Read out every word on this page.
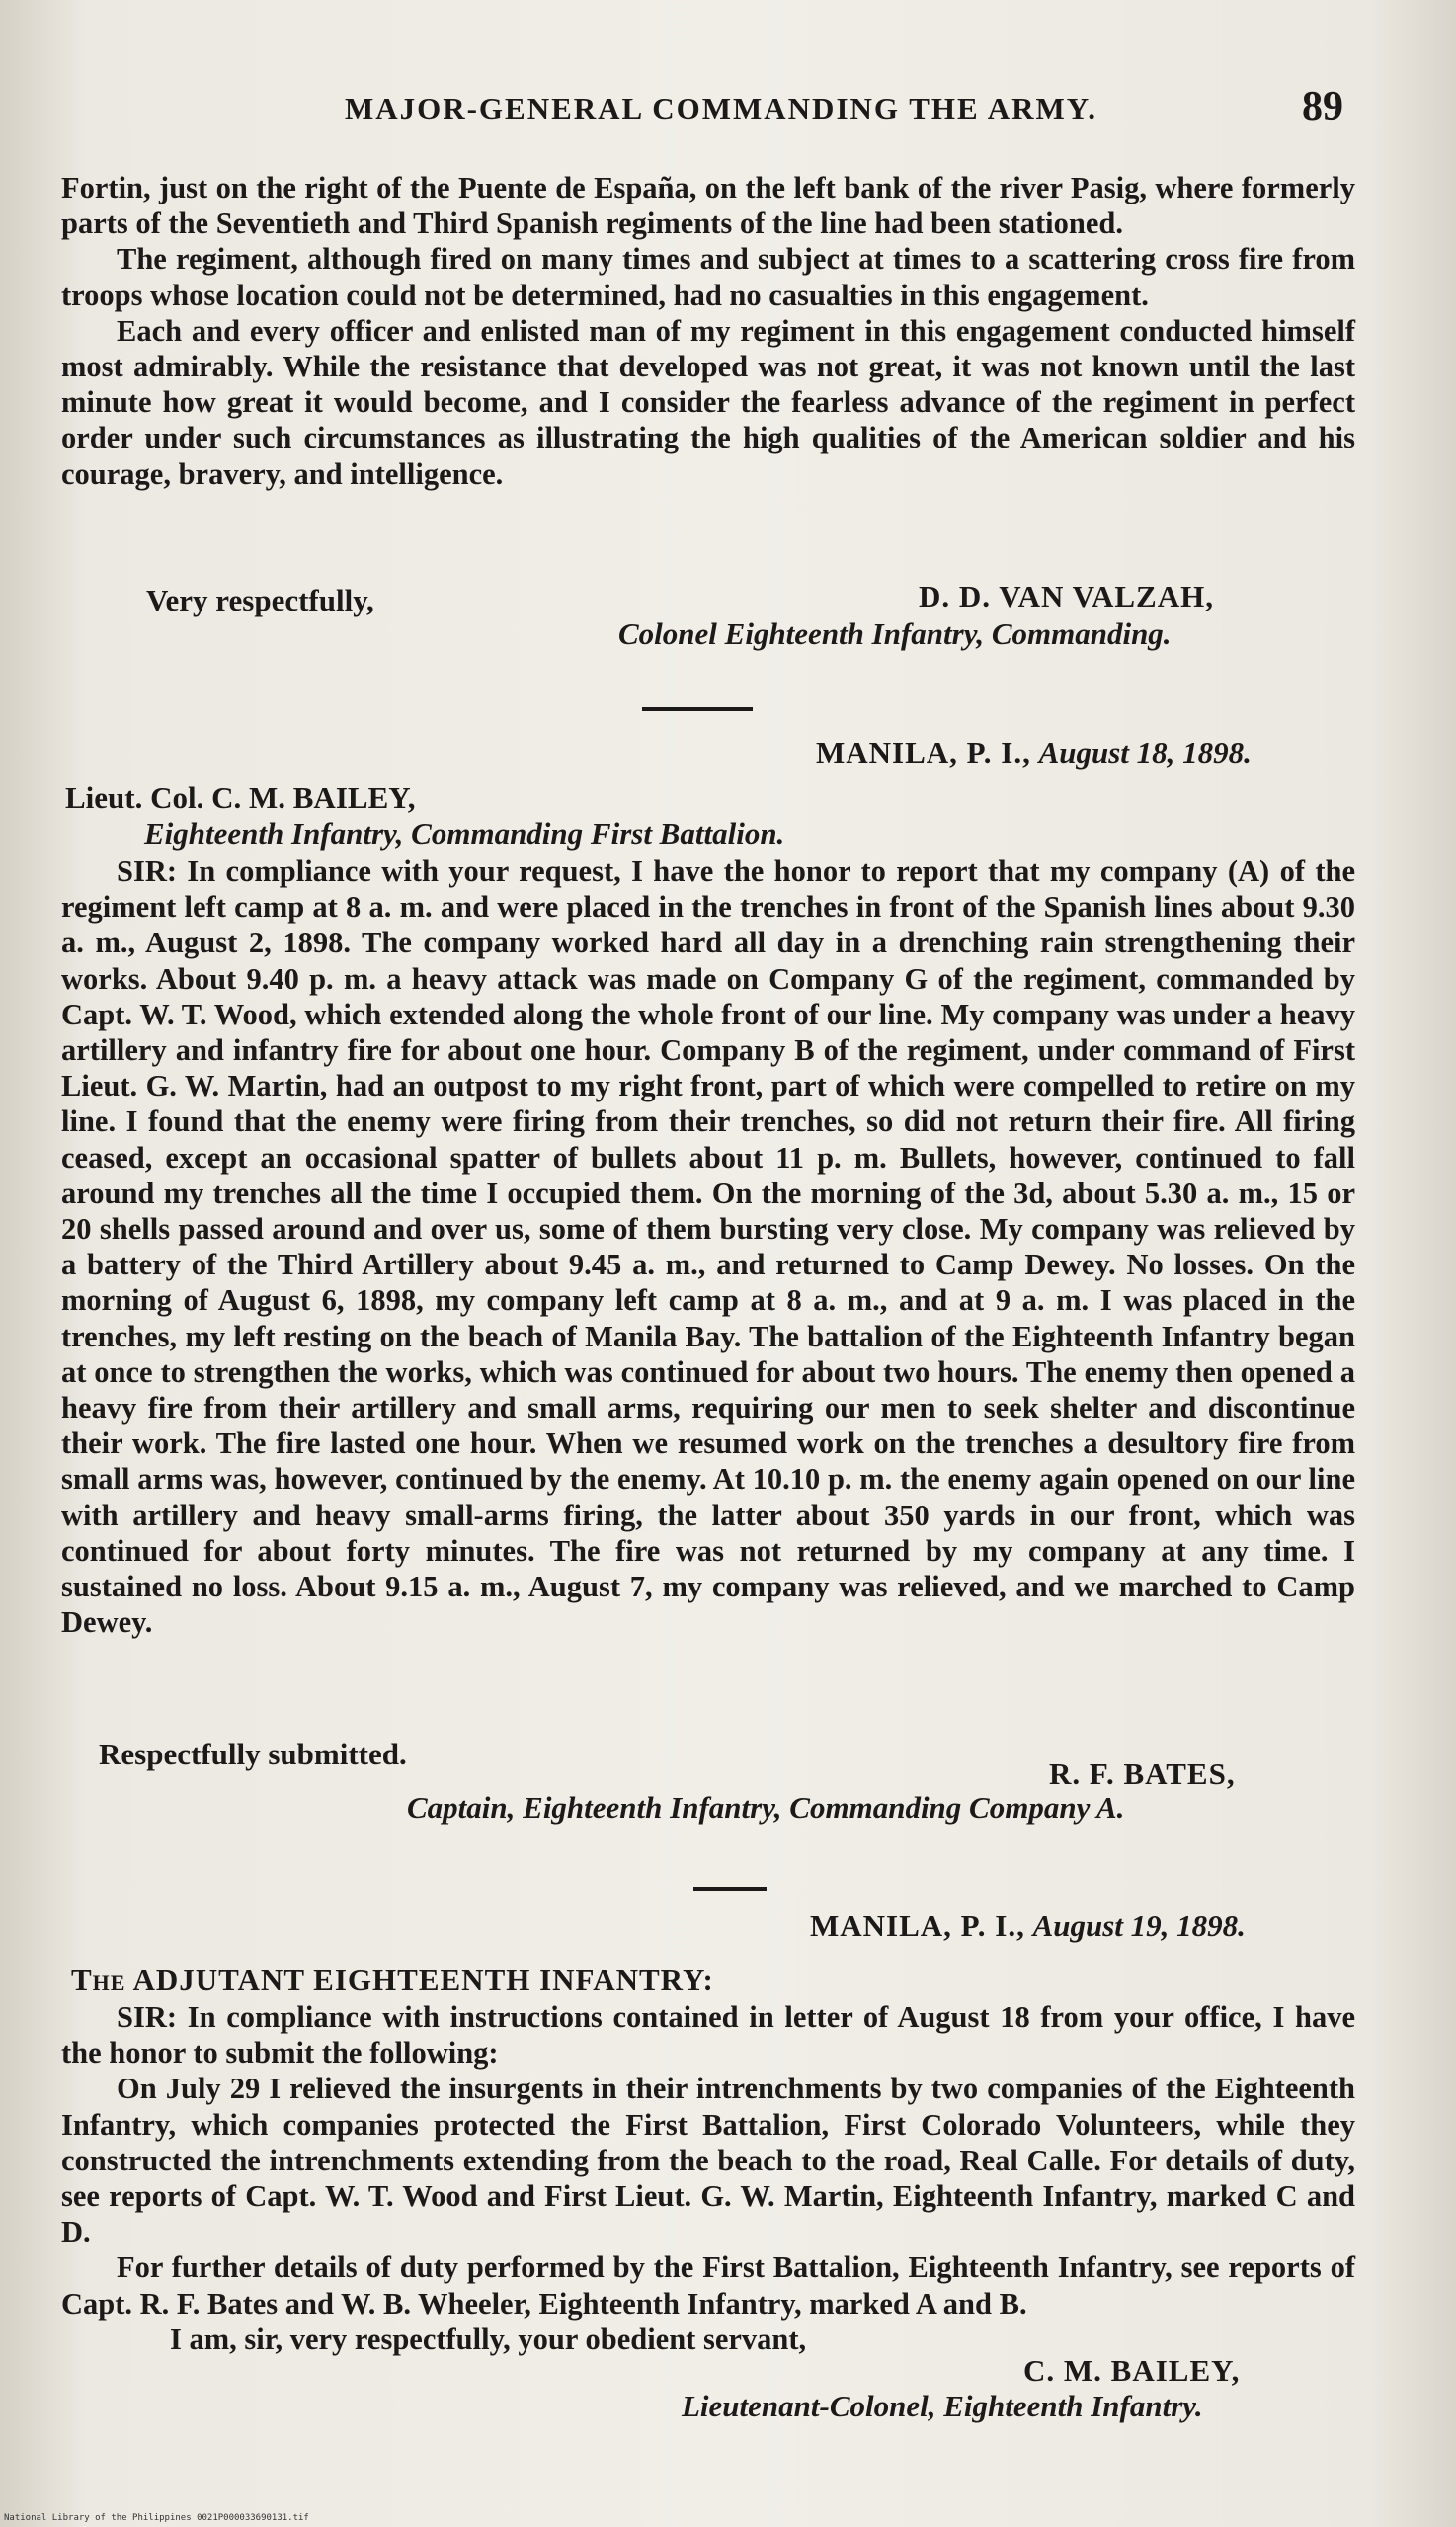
MAJOR-GENERAL COMMANDING THE ARMY.	89

Fortin, just on the right of the Puente de España, on the left bank of the river Pasig, where formerly parts of the Seventieth and Third Spanish regiments of the line had been stationed.

The regiment, although fired on many times and subject at times to a scattering cross fire from troops whose location could not be determined, had no casualties in this engagement.

Each and every officer and enlisted man of my regiment in this engagement conducted himself most admirably. While the resistance that developed was not great, it was not known until the last minute how great it would become, and I consider the fearless advance of the regiment in perfect order under such circumstances as illustrating the high qualities of the American soldier and his courage, bravery, and intelligence.

Very respectfully,	D. D. VAN VALZAH,
Colonel Eighteenth Infantry, Commanding.
MANILA, P. I., August 18, 1898.
Lieut. Col. C. M. BAILEY,
Eighteenth Infantry, Commanding First Battalion.

SIR: In compliance with your request, I have the honor to report that my company (A) of the regiment left camp at 8 a. m. and were placed in the trenches in front of the Spanish lines about 9.30 a. m., August 2, 1898. The company worked hard all day in a drenching rain strengthening their works. About 9.40 p. m. a heavy attack was made on Company G of the regiment, commanded by Capt. W. T. Wood, which extended along the whole front of our line. My company was under a heavy artillery and infantry fire for about one hour. Company B of the regiment, under command of First Lieut. G. W. Martin, had an outpost to my right front, part of which were compelled to retire on my line. I found that the enemy were firing from their trenches, so did not return their fire. All firing ceased, except an occasional spatter of bullets about 11 p. m. Bullets, however, continued to fall around my trenches all the time I occupied them. On the morning of the 3d, about 5.30 a. m., 15 or 20 shells passed around and over us, some of them bursting very close. My company was relieved by a battery of the Third Artillery about 9.45 a. m., and returned to Camp Dewey. No losses. On the morning of August 6, 1898, my company left camp at 8 a. m., and at 9 a. m. I was placed in the trenches, my left resting on the beach of Manila Bay. The battalion of the Eighteenth Infantry began at once to strengthen the works, which was continued for about two hours. The enemy then opened a heavy fire from their artillery and small arms, requiring our men to seek shelter and discontinue their work. The fire lasted one hour. When we resumed work on the trenches a desultory fire from small arms was, however, continued by the enemy. At 10.10 p. m. the enemy again opened on our line with artillery and heavy small-arms firing, the latter about 350 yards in our front, which was continued for about forty minutes. The fire was not returned by my company at any time. I sustained no loss. About 9.15 a. m., August 7, my company was relieved, and we marched to Camp Dewey.

Respectfully submitted.
R. F. BATES,
Captain, Eighteenth Infantry, Commanding Company A.
MANILA, P. I., August 19, 1898.
The ADJUTANT EIGHTEENTH INFANTRY:

SIR: In compliance with instructions contained in letter of August 18 from your office, I have the honor to submit the following:

On July 29 I relieved the insurgents in their intrenchments by two companies of the Eighteenth Infantry, which companies protected the First Battalion, First Colorado Volunteers, while they constructed the intrenchments extending from the beach to the road, Real Calle. For details of duty, see reports of Capt. W. T. Wood and First Lieut. G. W. Martin, Eighteenth Infantry, marked C and D.

For further details of duty performed by the First Battalion, Eighteenth Infantry, see reports of Capt. R. F. Bates and W. B. Wheeler, Eighteenth Infantry, marked A and B.

I am, sir, very respectfully, your obedient servant,

C. M. BAILEY,
Lieutenant-Colonel, Eighteenth Infantry.
National Library of the Philippines 0021P000033690131.tif
